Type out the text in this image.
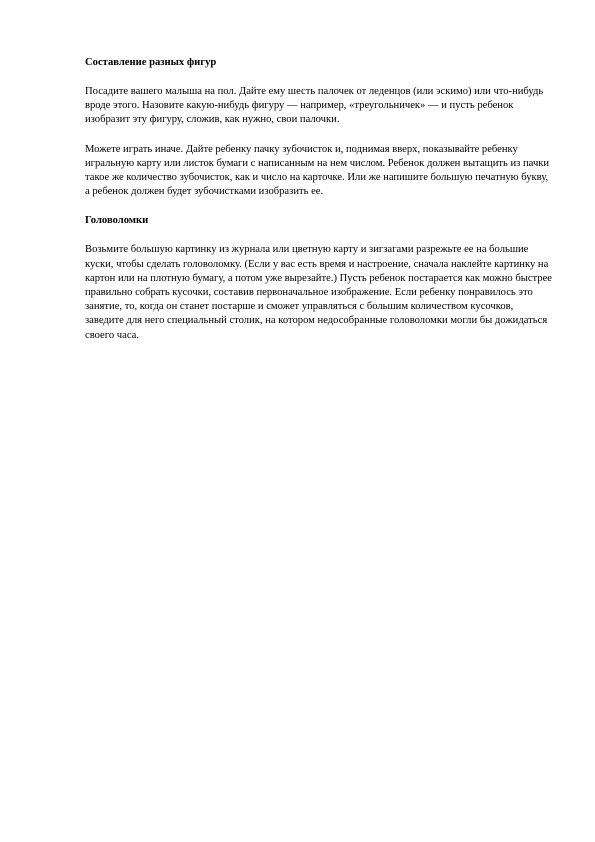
Составление разных фигур

Посадите вашего малыша на пол. Дайте ему шесть палочек от леденцов (или эскимо) или что-нибудь вроде этого. Назовите какую-нибудь фигуру — например, «треугольничек» — и пусть ребенок изобразит эту фигуру, сложив, как нужно, свои палочки.

Можете играть иначе. Дайте ребенку пачку зубочисток и, поднимая вверх, показывайте ребенку игральную карту или листок бумаги с написанным на нем числом. Ребенок должен вытащить из пачки такое же количество зубочисток, как и число на карточке. Или же напишите большую печатную букву, а ребенок должен будет зубочистками изобразить ее.

Головоломки

Возьмите большую картинку из журнала или цветную карту и зигзагами разрежьте ее на большие куски, чтобы сделать головоломку. (Если у вас есть время и настроение, сначала наклейте картинку на картон или на плотную бумагу, а потом уже вырезайте.) Пусть ребенок постарается как можно быстрее правильно собрать кусочки, составив первоначальное изображение. Если ребенку понравилось это занятие, то, когда он станет постарше и сможет управляться с большим количеством кусочков, заведите для него специальный столик, на котором недособранные головоломки могли бы дожидаться своего часа.
